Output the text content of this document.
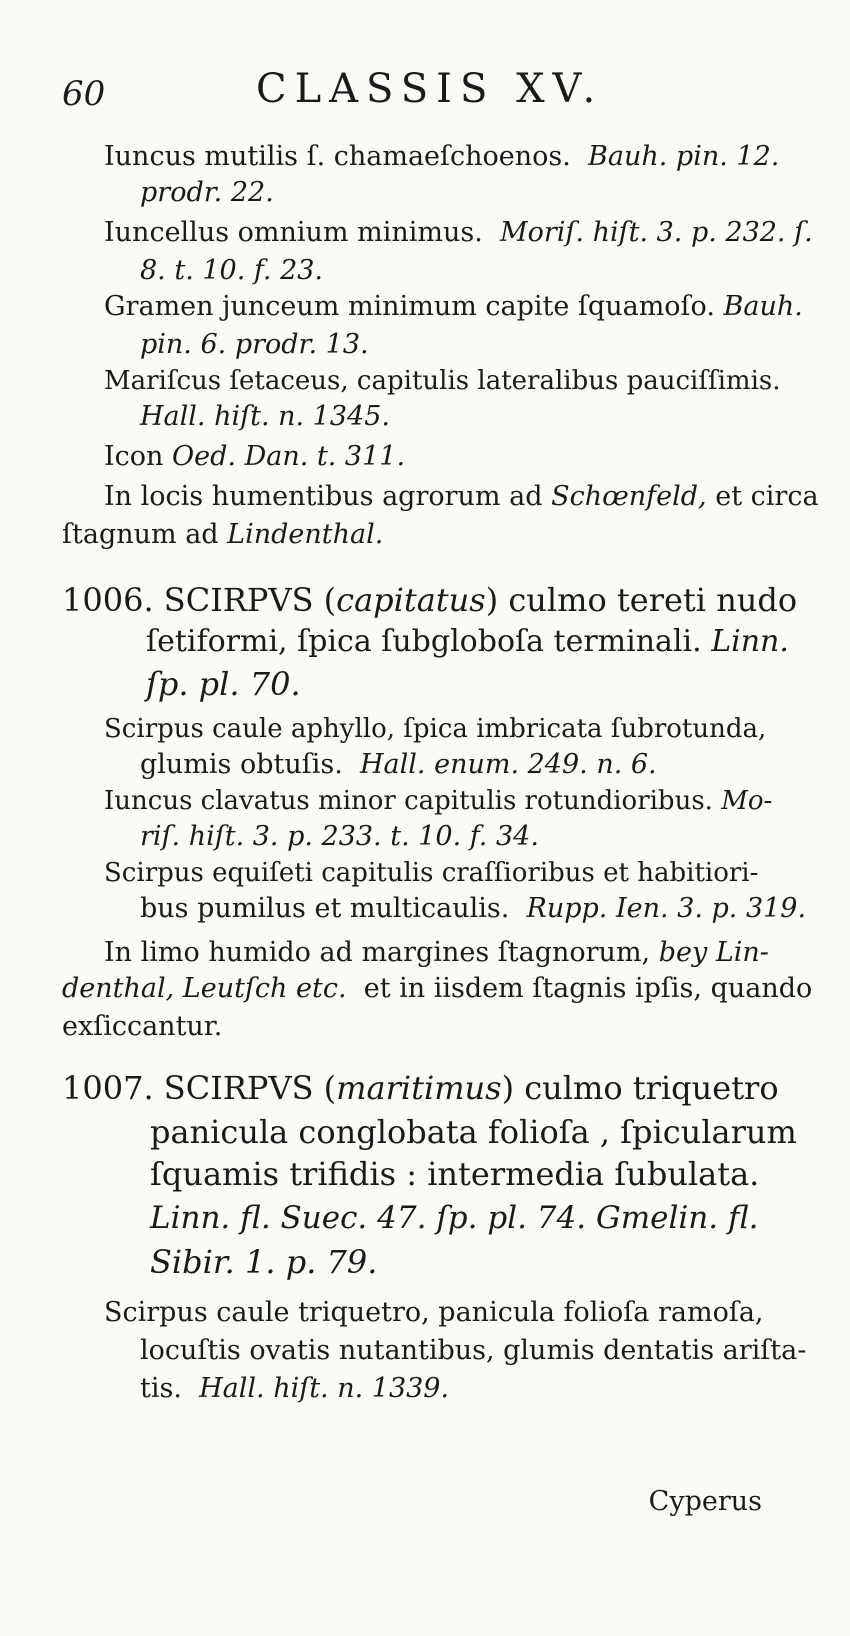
60	CLASSIS XV.
Iuncus mutilis ſ. chamaeſchoenos. Bauh. pin. 12.
prodr. 22.
Iuncellus omnium minimus. Moriſ. hiſt. 3. p. 232. ſ.
8. t. 10. f. 23.
Gramen junceum minimum capite ſquamoſo. Bauh.
pin. 6. prodr. 13.
Mariſcus ſetaceus, capitulis lateralibus pauciſſimis.
Hall. hiſt. n. 1345.
Icon Oed. Dan. t. 311.
In locis humentibus agrorum ad Schœnfeld, et circa
ſtagnum ad Lindenthal.
1006. SCIRPVS (capitatus) culmo tereti nudo
ſetiformi, ſpica ſubgloboſa terminali. Linn.
ſp. pl. 70.
Scirpus caule aphyllo, ſpica imbricata ſubrotunda,
glumis obtuſis. Hall. enum. 249. n. 6.
Iuncus clavatus minor capitulis rotundioribus. Mo-
riſ. hiſt. 3. p. 233. t. 10. f. 34.
Scirpus equiſeti capitulis craſſioribus et habitiori-
bus pumilus et multicaulis. Rupp. Ien. 3. p. 319.
In limo humido ad margines ſtagnorum, bey Lin-
denthal, Leutſch etc. et in iisdem ſtagnis ipſis, quando
exſiccantur.
1007. SCIRPVS (maritimus) culmo triquetro
panicula conglobata folioſa , ſpicularum
ſquamis trifidis : intermedia ſubulata.
Linn. fl. Suec. 47. ſp. pl. 74. Gmelin. fl.
Sibir. 1. p. 79.
Scirpus caule triquetro, panicula folioſa ramoſa,
locuſtis ovatis nutantibus, glumis dentatis ariſta-
tis. Hall. hiſt. n. 1339.
Cyperus
